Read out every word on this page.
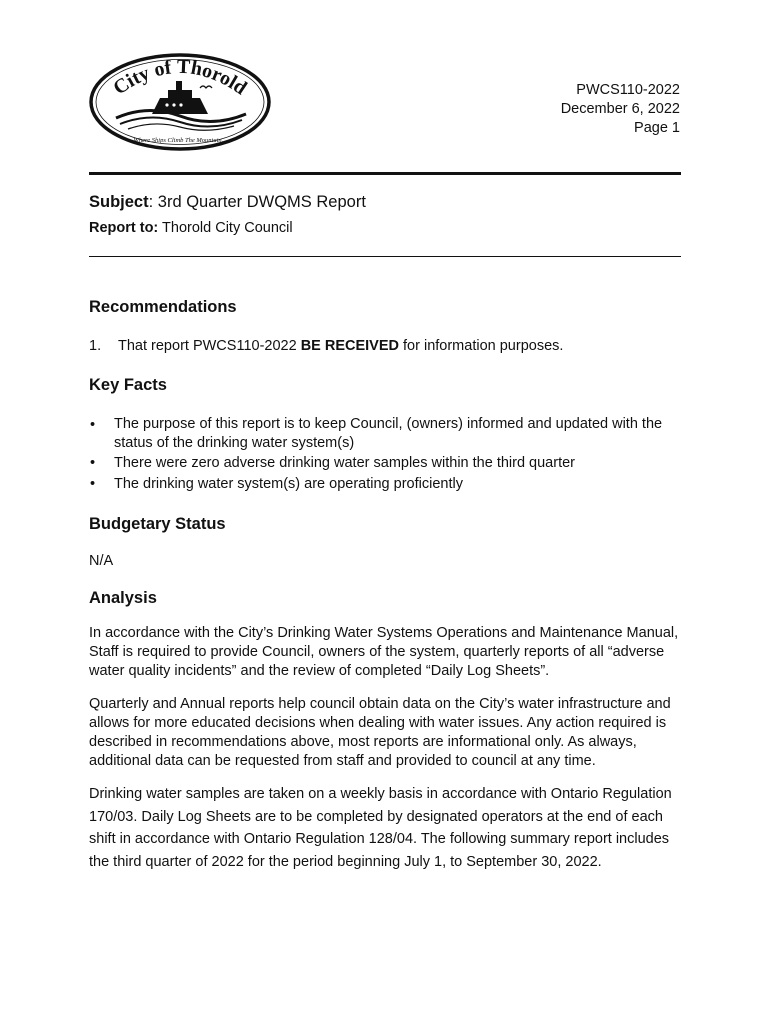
City of Thorold
Where Ships Climb The Mountain...
PWCS110-2022
December 6, 2022
Page 1
Subject: 3rd Quarter DWQMS Report
Report to: Thorold City Council
Recommendations
1.	That report PWCS110-2022 BE RECEIVED for information purposes.
Key Facts
•	The purpose of this report is to keep Council, (owners) informed and updated with the status of the drinking water system(s)
•	There were zero adverse drinking water samples within the third quarter
•	The drinking water system(s) are operating proficiently
Budgetary Status

N/A

Analysis

In accordance with the City’s Drinking Water Systems Operations and Maintenance Manual, Staff is required to provide Council, owners of the system, quarterly reports of all “adverse water quality incidents” and the review of completed “Daily Log Sheets”.

Quarterly and Annual reports help council obtain data on the City’s water infrastructure and allows for more educated decisions when dealing with water issues. Any action required is described in recommendations above, most reports are informational only. As always, additional data can be requested from staff and provided to council at any time.

Drinking water samples are taken on a weekly basis in accordance with Ontario Regulation 170/03. Daily Log Sheets are to be completed by designated operators at the end of each shift in accordance with Ontario Regulation 128/04. The following summary report includes the third quarter of 2022 for the period beginning July 1, to September 30, 2022.
